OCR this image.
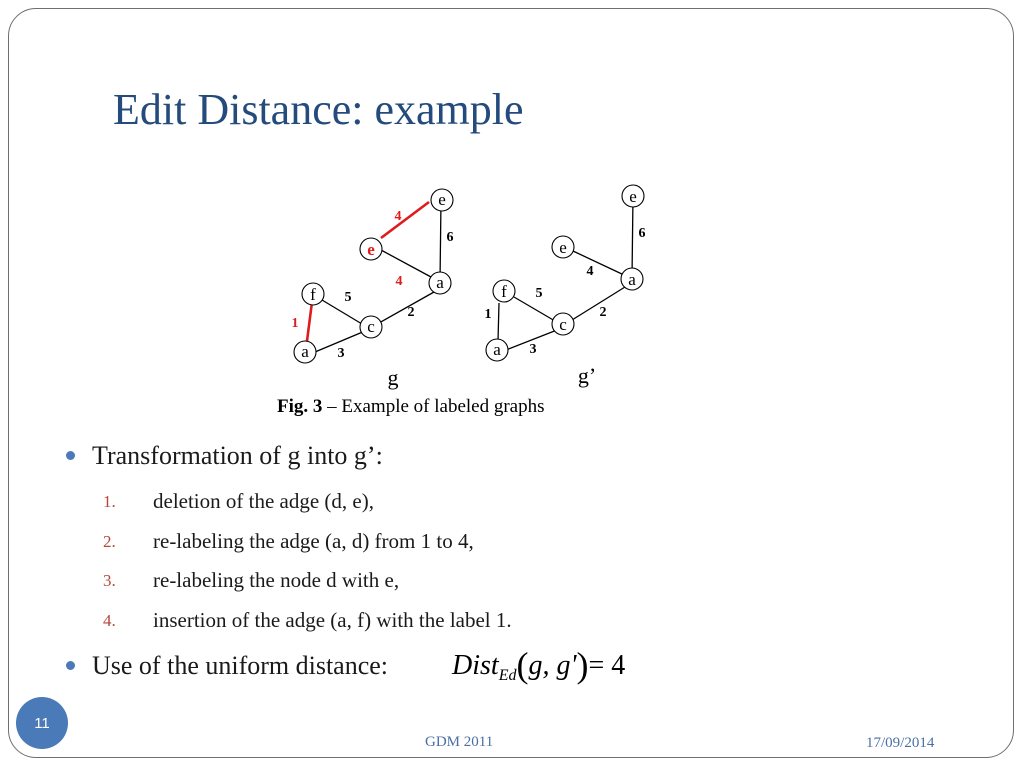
Edit Distance: example
e
e
a
f
c
a
4
6
4
5
2
1
3
g
e
e
a
f
c
a
6
4
5
2
1
3
g’
Fig. 3 – Example of labeled graphs
Transformation of g into g’:
1. deletion of the adge (d, e),
2. re-labeling the adge (a, d) from 1 to 4,
3. re-labeling the node d with e,
4. insertion of the adge (a, f) with the label 1.
Use of the uniform distance: Dist$_{Ed}$(g, g')= 4
11
GDM 2011	17/09/2014
